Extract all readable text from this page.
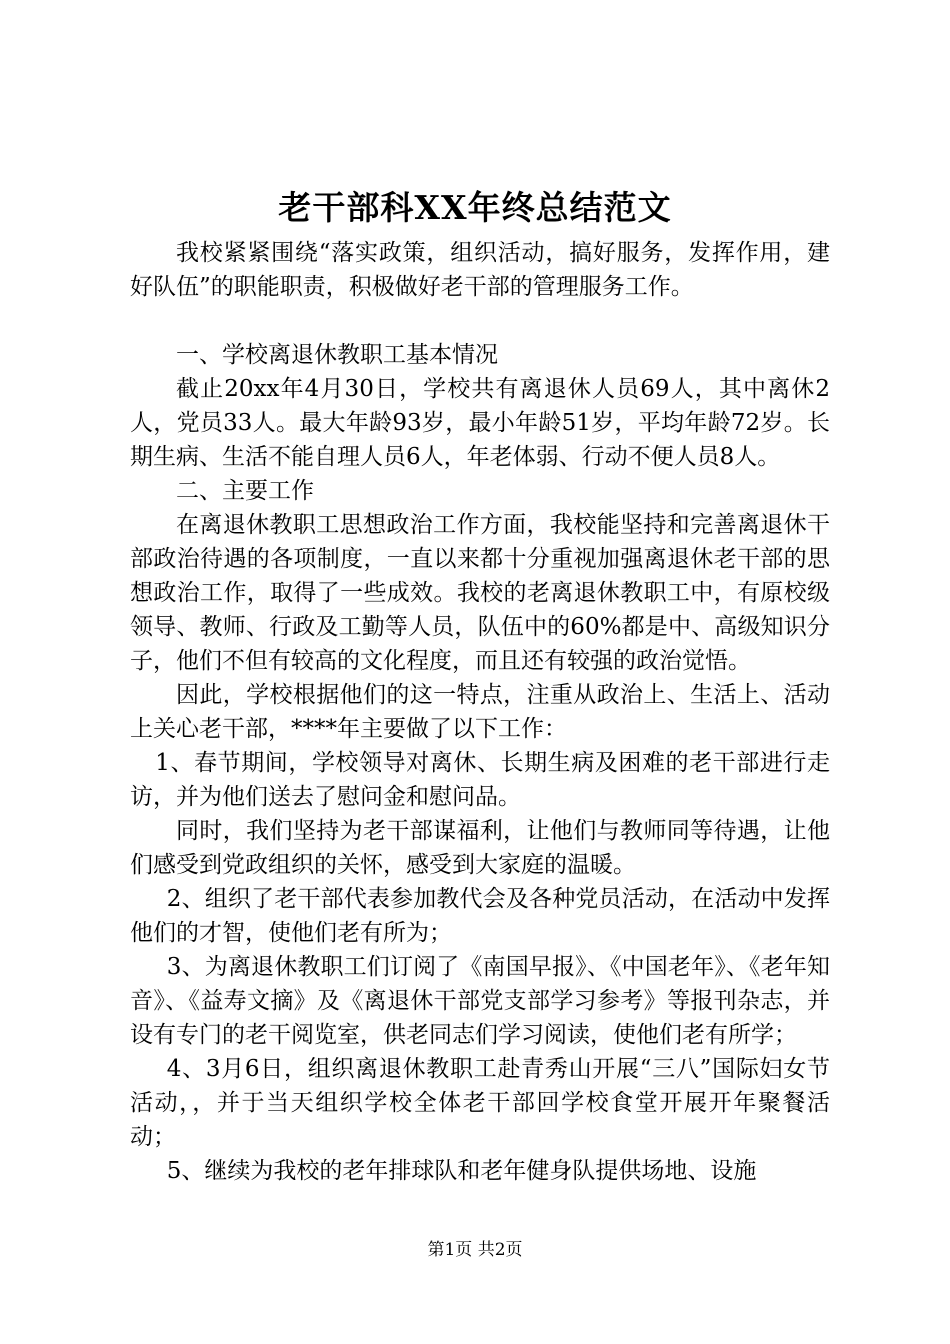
老干部科XX年终总结范文

我校紧紧围绕“落实政策，组织活动，搞好服务，发挥作用，建好队伍”的职能职责，积极做好老干部的管理服务工作。

一、学校离退休教职工基本情况

截止20xx年4月30日，学校共有离退休人员69人，其中离休2人，党员33人。最大年龄93岁，最小年龄51岁，平均年龄72岁。长期生病、生活不能自理人员6人，年老体弱、行动不便人员8人。

二、主要工作

在离退休教职工思想政治工作方面，我校能坚持和完善离退休干部政治待遇的各项制度，一直以来都十分重视加强离退休老干部的思想政治工作，取得了一些成效。我校的老离退休教职工中，有原校级领导、教师、行政及工勤等人员，队伍中的60%都是中、高级知识分子，他们不但有较高的文化程度，而且还有较强的政治觉悟。

因此，学校根据他们的这一特点，注重从政治上、生活上、活动上关心老干部，****年主要做了以下工作：

1、春节期间，学校领导对离休、长期生病及困难的老干部进行走访，并为他们送去了慰问金和慰问品。

同时，我们坚持为老干部谋福利，让他们与教师同等待遇，让他们感受到党政组织的关怀，感受到大家庭的温暖。

2、组织了老干部代表参加教代会及各种党员活动，在活动中发挥他们的才智，使他们老有所为；

3、为离退休教职工们订阅了《南国早报》、《中国老年》、《老年知音》、《益寿文摘》及《离退休干部党支部学习参考》等报刊杂志，并设有专门的老干阅览室，供老同志们学习阅读，使他们老有所学；

4、3月6日，组织离退休教职工赴青秀山开展“三八”国际妇女节活动，，并于当天组织学校全体老干部回学校食堂开展开年聚餐活动；

5、继续为我校的老年排球队和老年健身队提供场地、设施

第1页 共2页
